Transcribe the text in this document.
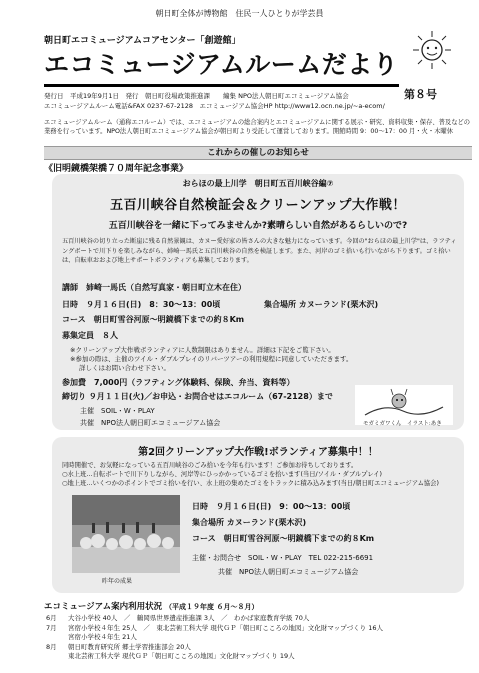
朝日町全体が博物館　住民一人ひとりが学芸員
朝日町エコミュージアムコアセンター「創遊館」
エコミュージアムルームだより
第８号
発行日　平成19年9月1日　発行　朝日町役場政策推進課　　編集 NPO法人朝日町エコミュージアム協会
エコミュージアムルーム電話&FAX 0237-67-2128　エコミュージアム協会HP http://www12.ocn.ne.jp/~a-ecom/
エコミュージアムルーム（通称エコルーム）では、エコミュージアムの総合案内とエコミュージアムに関する展示・研究、資料収集・保存、普及などの業務を行っています。NPO法人朝日町エコミュージアム協会が朝日町より受託して運営しております。開館時間 9：00～17：00 月・火・木曜休
これからの催しのお知らせ
《旧明鏡橋架橋７０周年記念事業》
おらほの最上川学　朝日町五百川峡谷編⑦
五百川峡谷自然検証会＆クリーンアップ大作戦！
五百川峡谷を一緒に下ってみませんか?素晴らしい自然があるらしいので?
五百川峡谷の切り立った断崖に残る自然景観は、カヌー愛好家の皆さんの大きな魅力になっています。今回の"おらほの最上川学"は、ラフティングボートで川下りを楽しみながら、姉崎一馬氏と五百川峡谷の自然を検証します。また、河岸のゴミ拾いも行いながら下ります。ゴミ拾いは、自転車おおよび地上サポートボランティアも募集しております。
講師　姉崎一馬氏（自然写真家・朝日町立木在住）
日時　９月１６日(日)　8：30～13：00頃	集合場所 カヌーランド(栗木沢)
コース　朝日町雪谷河原～明鏡橋下までの約８Km
募集定員　８人
※クリーンアップ大作戦ボランティアに人数制限はありません。詳細は下記をご覧下さい。
※参加の際は、主催のツイル・ダブルプレイのリバーツアーの利用規程に同意していただきます。
詳しくはお問い合わせ下さい。
参加費　7,000円（ラフティング体験料、保険、弁当、資料等）
締切り ９月１１日(火)／お申込・お問合せはエコルーム（67-2128）まで
主催　SOIL・W・PLAY
共催　NPO法人朝日町エコミュージアム協会	モガミガワくん　イラスト:あき
第2回クリーンアップ大作戦!ボランティア募集中！！
同時開催で、お気軽になっている五百川峡谷のごみ拾いを今年も行います！ご参加お待ちしております。
○水上班…自転ボートで川下りしながら、河岸等にひっかかっているゴミを拾います(当日/ソイル・ダブルプレイ)
○地上班…いくつかのポイントでゴミ拾いを行い、水上班の集めたゴミをトラックに積み込みます(当日/朝日町エコミュージアム協会)
昨年の成果
日時　９月１６日(日)　9：00～13：00頃
集合場所 カヌーランド(栗木沢)
コース　朝日町雪谷河原～明鏡橋下までの約８Km
主催・お問合せ　SOIL・W・PLAY　TEL 022-215-6691
共催　NPO法人朝日町エコミュージアム協会
エコミュージアム案内利用状況 （平成１９年度 ６月～８月）
6月 大谷小学校 40人　／　鶴岡県世界遺産推進課 3人　／　わかば家庭教育学級 70人
7月 宮宿小学校４年生 25人　／　東北芸術工科大学 現代ＧＰ「朝日町こころの地図」文化財マップづくり 16人
宮宿小学校４年生 21人
8月 朝日町教育研究所 郷土学習推進部会 20人
東北芸術工科大学 現代ＧＰ「朝日町こころの地図」文化財マップづくり 19人
